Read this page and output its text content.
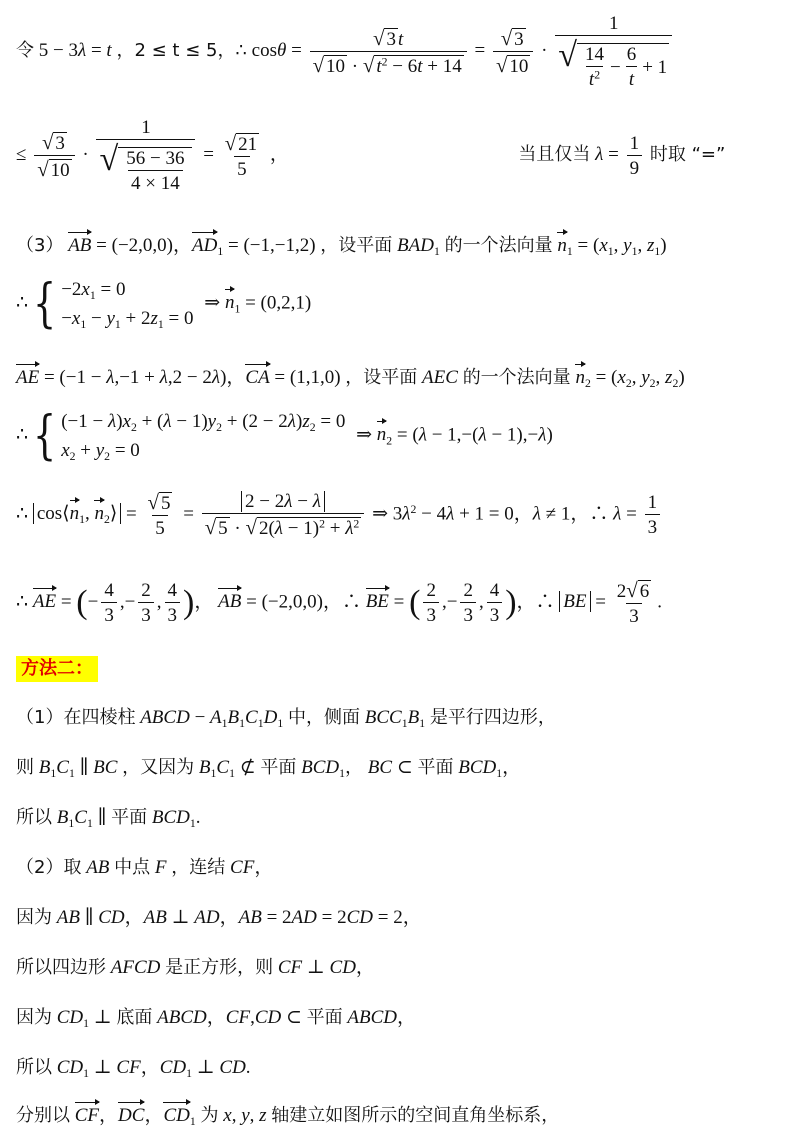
令 5 − 3λ = t ，2 ≤ t ≤ 5，∴ $\cos\theta = \frac{√ 3 t}{√ 10 \cdot √ t^2 - 6t + 14} = \frac{√ 3}{√ 10} \cdot \frac{1}{√ \frac{14}{t^2} - \frac{6}{t} + 1}$
≤ $\frac{√ 3}{√ 10} \cdot \frac{1}{√ \frac{56 - 36}{4 \times 14}} = \frac{√ 21}{5}$ ，	当且仅当 $\lambda = \frac{1}{9}$ 时取 “=”
（3） AB = (−2,0,0)，$AD_1 = (-1,-1,2)$ ，设平面 $BAD_1$ 的一个法向量 $n_1 = (x_1$, $y_1$, $z_1$)
∴{ $-2x_1 = 0$
$-x_1 - y_1 + 2z_1 = 0$
⇒ $n_1 = (0,2,1)$
AE = (−1 − λ,−1 + λ,2 − 2λ)，CA = (1,1,0) ，设平面 AEC 的一个法向量 $n_2 = (x_2$, $y_2$, $z_2$)
∴{ $(-1 - \lambda)x_2 + (\lambda - 1)y_2 + (2 - 2\lambda)z_2 = 0$
$x_2 + y_2 = 0$
⇒ $n_2 = (\lambda - 1,-(\lambda - 1),-\lambda)$
∴ $\cos⟨n_1$, $n_2⟩ = \frac{√ 5}{5} = \frac{2 - 2\lambda - \lambda}{√ 5 \cdot √ 2(\lambda - 1)^2 + \lambda^2}$ ⇒ $3\lambda^2 - 4\lambda + 1 = 0$，λ ≠ 1，∴ $\lambda = \frac{1}{3}$
∴ AE = (− $\frac{4}{3}$ ,− $\frac{2}{3}$ , $\frac{4}{3}$ )， AB = (−2,0,0)，∴ BE = ( $\frac{2}{3}$ ,− $\frac{2}{3}$ , $\frac{4}{3}$ )，∴ BE = $\frac{2√ 6}{3}$ .
方法二：
（1）在四棱柱 ABCD − $A_1B_1C_1D_1$ 中，侧面 $BCC_1B_1$ 是平行四边形，
则 $B_1C_1$ ∥ BC ，又因为 $B_1C_1$ ⊄ 平面 $BCD_1$， BC ⊂ 平面 $BCD_1$，
所以 $B_1C_1$ ∥ 平面 $BCD_1$.
（2）取 AB 中点 F ，连结 CF，
因为 AB ∥ CD，AB ⊥ AD，AB = 2AD = 2CD = 2，
所以四边形 AFCD 是正方形，则 CF ⊥ CD，
因为 $CD_1$ ⊥ 底面 ABCD，CF,CD ⊂ 平面 ABCD，
所以 $CD_1$ ⊥ CF，$CD_1$ ⊥ CD.
分别以 CF，DC，$CD_1$ 为 x, y, z 轴建立如图所示的空间直角坐标系，
